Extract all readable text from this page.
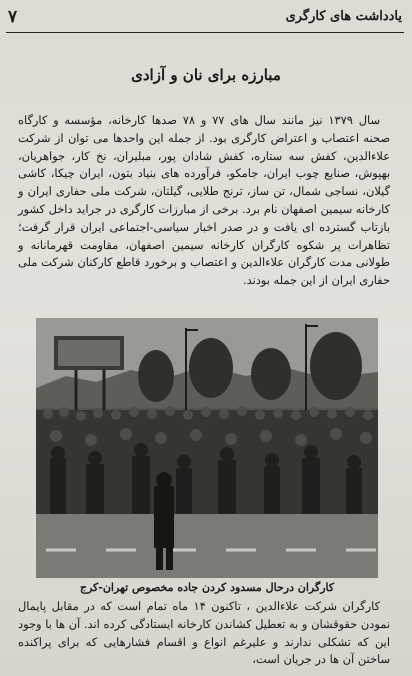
یادداشت های کارگری
۷
مبارزه برای نان و آزادی

سال ۱۳۷۹ نیز مانند سال های ۷۷ و ۷۸ صدها کارخانه، مؤسسه و کارگاه صحنه اعتصاب و اعتراض کارگری بود. از جمله این واحدها می توان از شرکت علاءالدین، کفش سه ستاره، کفش شادان پور، مبلیران، نخ کار، جواهریان، بهپوش، صنایع چوب ایران، جامکو، فرآورده های بنیاد بتون، ایران چیکا، کاشی گیلان، نساجی شمال، تن ساز، ترنج طلایی، گیلتان، شرکت ملی حفاری ایران و کارخانه سیمین اصفهان نام برد. برخی از مبارزات کارگری در جراید داخل کشور بازتاب گسترده ای یافت و در صدر اخبار سیاسی-اجتماعی ایران قرار گرفت؛ تظاهرات پر شکوه کارگران کارخانه سیمین اصفهان، مقاومت قهرمانانه و طولانی مدت کارگران علاءالدین و اعتصاب و برخورد قاطع کارکنان شرکت ملی حفاری ایران از این جمله بودند.

کارگران درحال مسدود کردن جاده مخصوص تهران-کرج

کارگران شرکت علاءالدین ، تاکنون ۱۴ ماه تمام است که در مقابل پایمال نمودن حقوقشان و به تعطیل کشاندن کارخانه ایستادگی کرده اند. آن ها با وجود این که تشکلی ندارند و علیرغم انواع و اقسام فشارهایی که برای پراکنده ساختن آن ها در جریان است،
